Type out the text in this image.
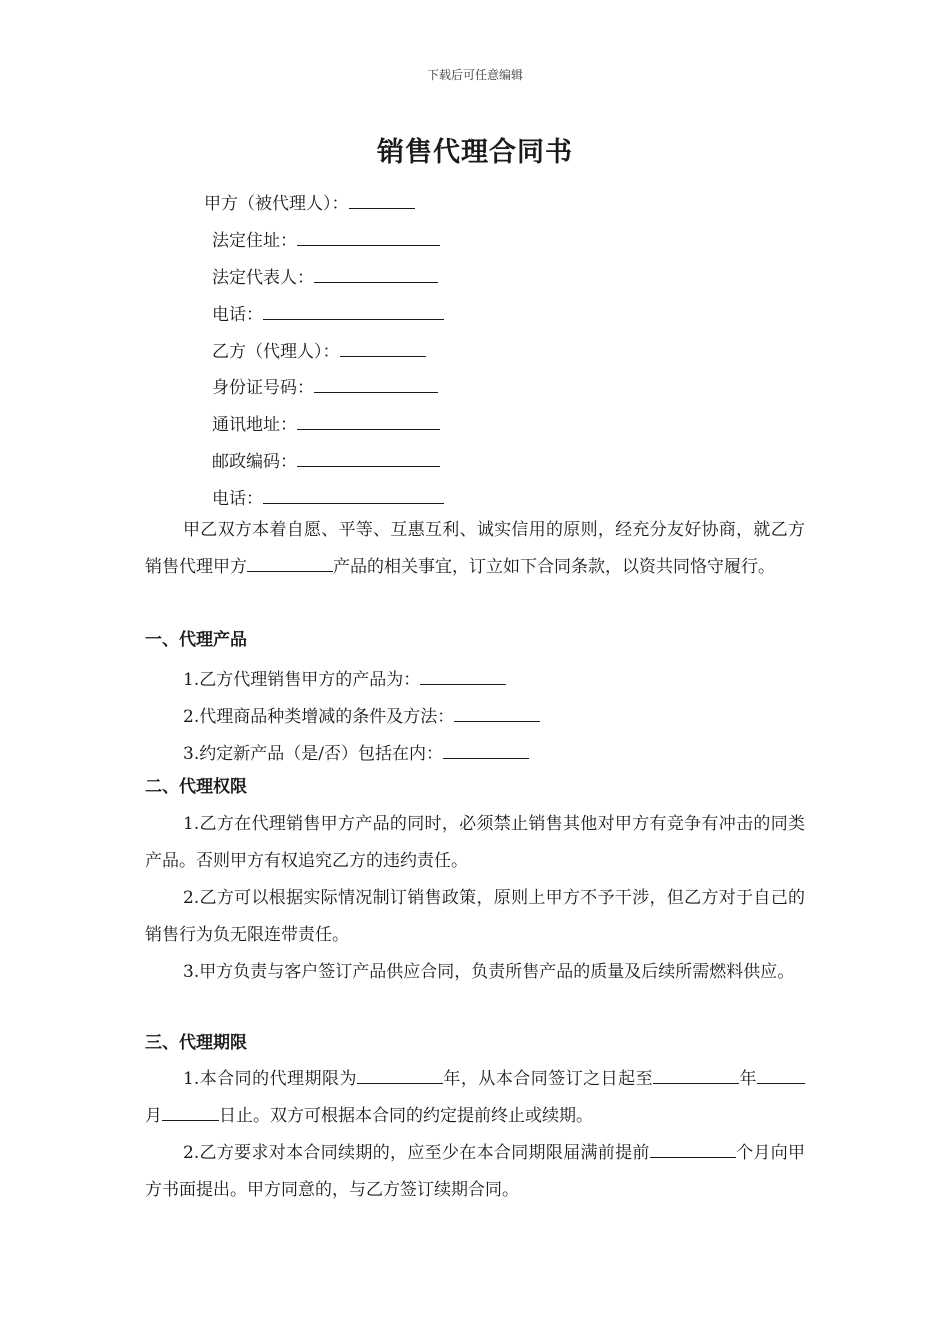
下载后可任意编辑
销售代理合同书
甲方（被代理人）：
法定住址：
法定代表人：
电话：
乙方（代理人）：
身份证号码：
通讯地址：
邮政编码：
电话：
甲乙双方本着自愿、平等、互惠互利、诚实信用的原则，经充分友好协商，就乙方销售代理甲方	产品的相关事宜，订立如下合同条款，以资共同恪守履行。
一、代理产品
1.乙方代理销售甲方的产品为：
2.代理商品种类增减的条件及方法：
3.约定新产品（是/否）包括在内：
二、代理权限
1.乙方在代理销售甲方产品的同时，必须禁止销售其他对甲方有竞争有冲击的同类产品。否则甲方有权追究乙方的违约责任。
2.乙方可以根据实际情况制订销售政策，原则上甲方不予干涉，但乙方对于自己的销售行为负无限连带责任。
3.甲方负责与客户签订产品供应合同，负责所售产品的质量及后续所需燃料供应。
三、代理期限
1.本合同的代理期限为	年，从本合同签订之日起至	年月	日止。双方可根据本合同的约定提前终止或续期。
2.乙方要求对本合同续期的，应至少在本合同期限届满前提前	个月向甲方书面提出。甲方同意的，与乙方签订续期合同。
